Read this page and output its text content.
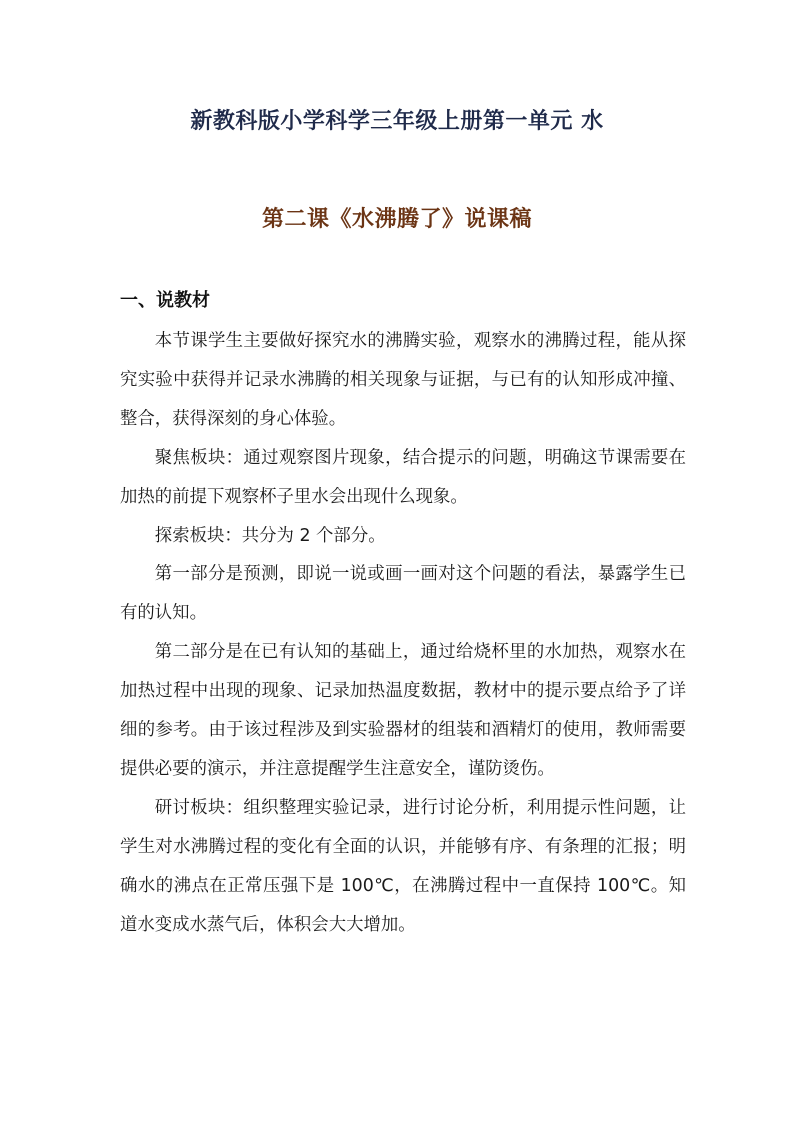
新教科版小学科学三年级上册第一单元 水
第二课《水沸腾了》说课稿
一、说教材

本节课学生主要做好探究水的沸腾实验，观察水的沸腾过程，能从探究实验中获得并记录水沸腾的相关现象与证据，与已有的认知形成冲撞、整合，获得深刻的身心体验。

聚焦板块：通过观察图片现象，结合提示的问题，明确这节课需要在加热的前提下观察杯子里水会出现什么现象。

探索板块：共分为 2 个部分。

第一部分是预测，即说一说或画一画对这个问题的看法，暴露学生已有的认知。

第二部分是在已有认知的基础上，通过给烧杯里的水加热，观察水在加热过程中出现的现象、记录加热温度数据，教材中的提示要点给予了详细的参考。由于该过程涉及到实验器材的组装和酒精灯的使用，教师需要提供必要的演示，并注意提醒学生注意安全，谨防烫伤。

研讨板块：组织整理实验记录，进行讨论分析，利用提示性问题，让学生对水沸腾过程的变化有全面的认识，并能够有序、有条理的汇报；明确水的沸点在正常压强下是 100℃，在沸腾过程中一直保持 100℃。知道水变成水蒸气后，体积会大大增加。
